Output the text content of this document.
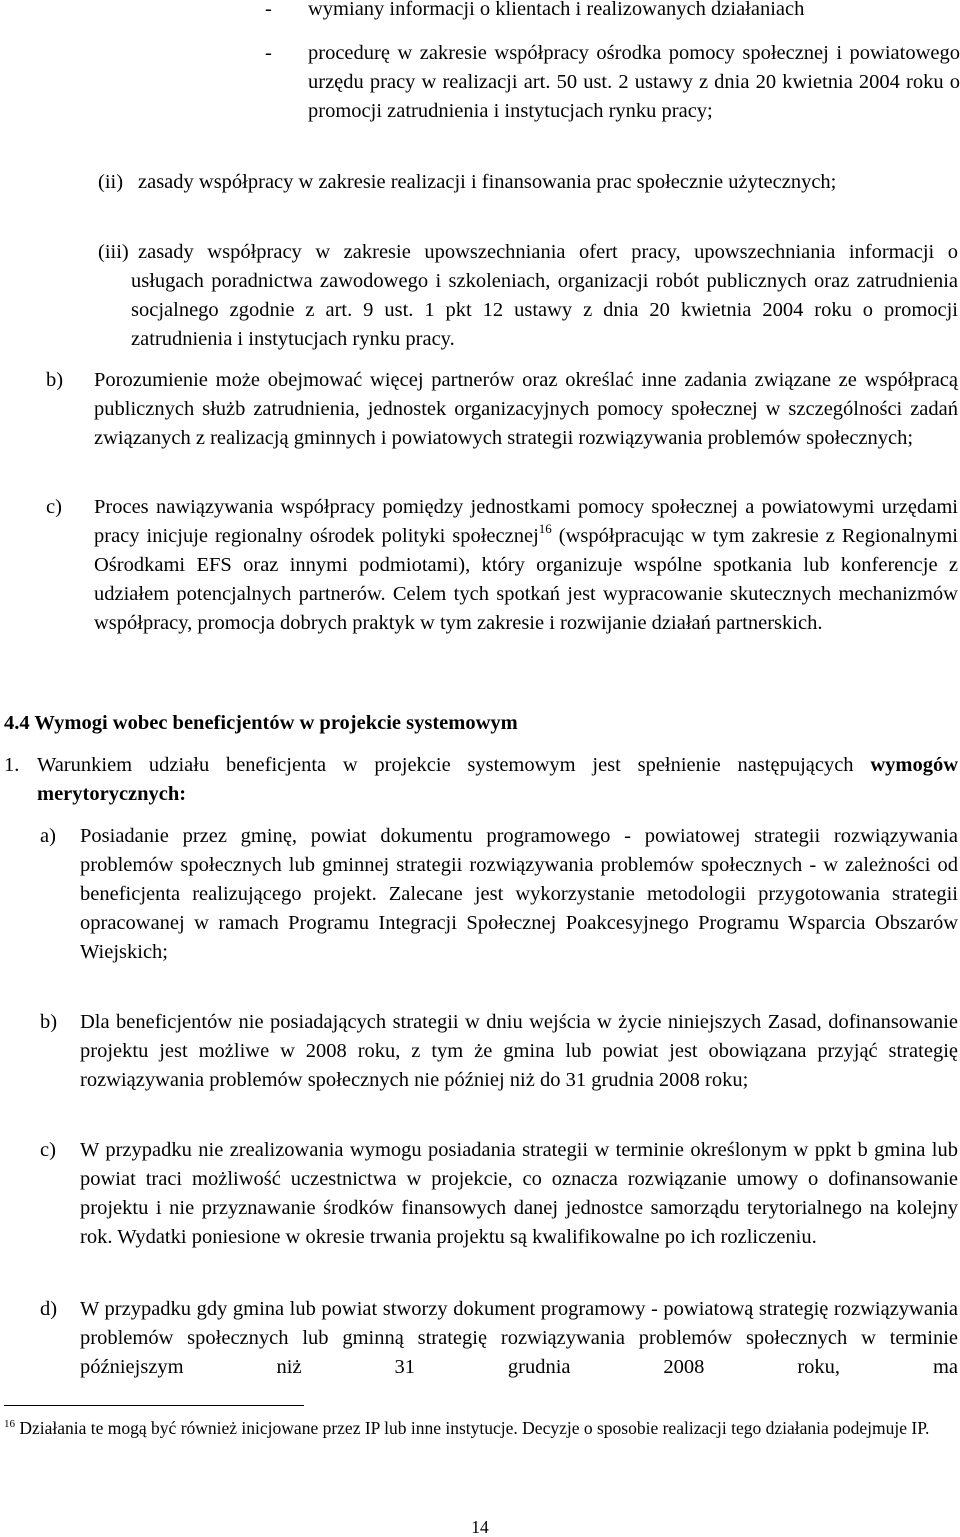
- wymiany informacji o klientach i realizowanych działaniach
- procedurę w zakresie współpracy ośrodka pomocy społecznej i powiatowego urzędu pracy w realizacji art. 50 ust. 2 ustawy z dnia 20 kwietnia 2004 roku o promocji zatrudnienia i instytucjach rynku pracy;
(ii) zasady współpracy w zakresie realizacji i finansowania prac społecznie użytecznych;
(iii) zasady współpracy w zakresie upowszechniania ofert pracy, upowszechniania informacji o usługach poradnictwa zawodowego i szkoleniach, organizacji robót publicznych oraz zatrudnienia socjalnego zgodnie z art. 9 ust. 1 pkt 12 ustawy z dnia 20 kwietnia 2004 roku o promocji zatrudnienia i instytucjach rynku pracy.
b) Porozumienie może obejmować więcej partnerów oraz określać inne zadania związane ze współpracą publicznych służb zatrudnienia, jednostek organizacyjnych pomocy społecznej w szczególności zadań związanych z realizacją gminnych i powiatowych strategii rozwiązywania problemów społecznych;
c) Proces nawiązywania współpracy pomiędzy jednostkami pomocy społecznej a powiatowymi urzędami pracy inicjuje regionalny ośrodek polityki społecznej$^{16}$ (współpracując w tym zakresie z Regionalnymi Ośrodkami EFS oraz innymi podmiotami), który organizuje wspólne spotkania lub konferencje z udziałem potencjalnych partnerów. Celem tych spotkań jest wypracowanie skutecznych mechanizmów współpracy, promocja dobrych praktyk w tym zakresie i rozwijanie działań partnerskich.
4.4 Wymogi wobec beneficjentów w projekcie systemowym
1. Warunkiem udziału beneficjenta w projekcie systemowym jest spełnienie następujących wymogów merytorycznych:
a) Posiadanie przez gminę, powiat dokumentu programowego - powiatowej strategii rozwiązywania problemów społecznych lub gminnej strategii rozwiązywania problemów społecznych - w zależności od beneficjenta realizującego projekt. Zalecane jest wykorzystanie metodologii przygotowania strategii opracowanej w ramach Programu Integracji Społecznej Poakcesyjnego Programu Wsparcia Obszarów Wiejskich;
b) Dla beneficjentów nie posiadających strategii w dniu wejścia w życie niniejszych Zasad, dofinansowanie projektu jest możliwe w 2008 roku, z tym że gmina lub powiat jest obowiązana przyjąć strategię rozwiązywania problemów społecznych nie później niż do 31 grudnia 2008 roku;
c) W przypadku nie zrealizowania wymogu posiadania strategii w terminie określonym w ppkt b gmina lub powiat traci możliwość uczestnictwa w projekcie, co oznacza rozwiązanie umowy o dofinansowanie projektu i nie przyznawanie środków finansowych danej jednostce samorządu terytorialnego na kolejny rok. Wydatki poniesione w okresie trwania projektu są kwalifikowalne po ich rozliczeniu.
d) W przypadku gdy gmina lub powiat stworzy dokument programowy - powiatową strategię rozwiązywania problemów społecznych lub gminną strategię rozwiązywania problemów społecznych w terminie późniejszym niż 31 grudnia 2008 roku, ma
$^{16}$ Działania te mogą być również inicjowane przez IP lub inne instytucje. Decyzje o sposobie realizacji tego działania podejmuje IP.
14
